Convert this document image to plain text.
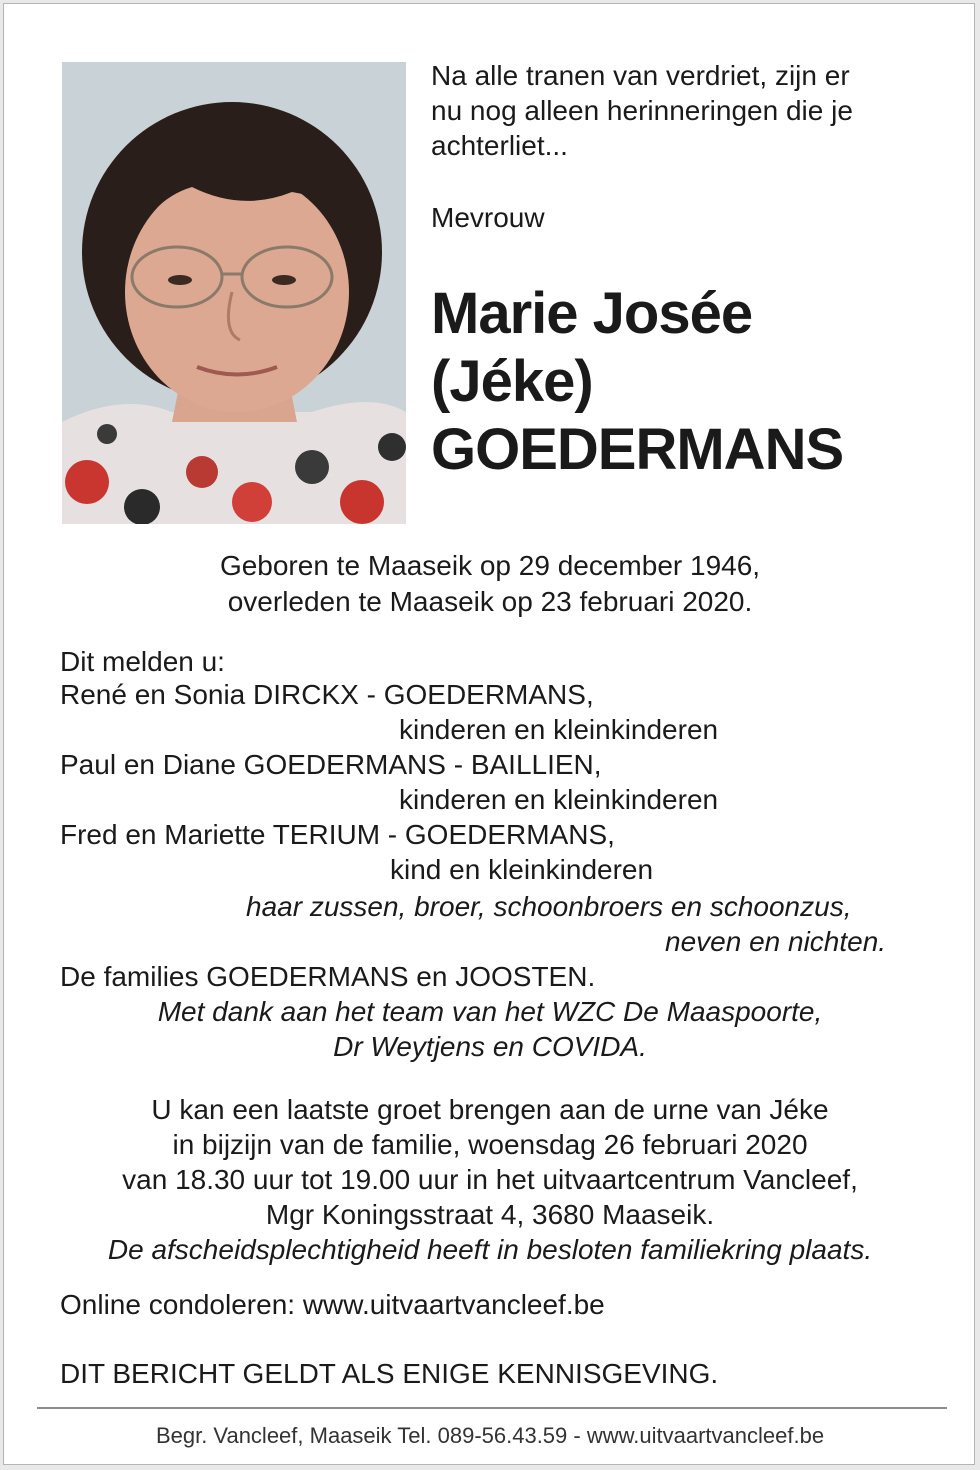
Na alle tranen van verdriet, zijn er
nu nog alleen herinneringen die je
achterliet...

Mevrouw

Marie Josée
(Jéke)
GOEDERMANS

Geboren te Maaseik op 29 december 1946,

overleden te Maaseik op 23 februari 2020.

Dit melden u:

René en Sonia DIRCKX - GOEDERMANS,

kinderen en kleinkinderen

Paul en Diane GOEDERMANS - BAILLIEN,

kinderen en kleinkinderen

Fred en Mariette TERIUM - GOEDERMANS,

kind en kleinkinderen

haar zussen, broer, schoonbroers en schoonzus,

neven en nichten.

De families GOEDERMANS en JOOSTEN.

Met dank aan het team van het WZC De Maaspoorte,

Dr Weytjens en COVIDA.

U kan een laatste groet brengen aan de urne van Jéke

in bijzijn van de familie, woensdag 26 februari 2020

van 18.30 uur tot 19.00 uur in het uitvaartcentrum Vancleef,

Mgr Koningsstraat 4, 3680 Maaseik.

De afscheidsplechtigheid heeft in besloten familiekring plaats.

Online condoleren: www.uitvaartvancleef.be

DIT BERICHT GELDT ALS ENIGE KENNISGEVING.

Begr. Vancleef, Maaseik Tel. 089-56.43.59 - www.uitvaartvancleef.be
